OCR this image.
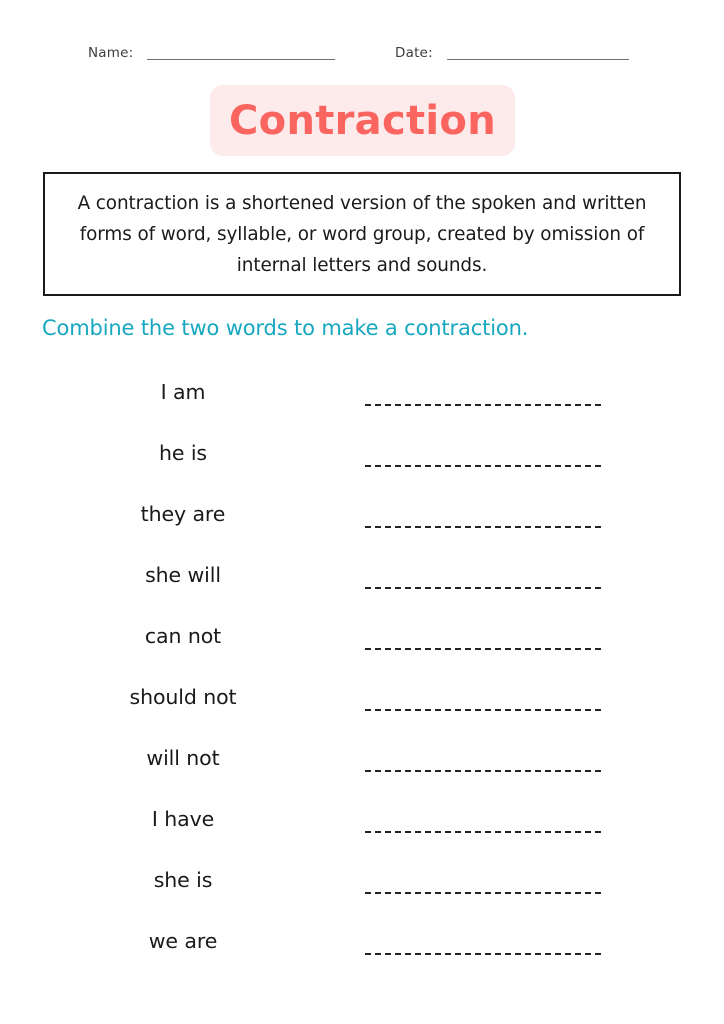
Name:	Date:
Contraction

A contraction is a shortened version of the spoken and written forms of word, syllable, or word group, created by omission of internal letters and sounds.

Combine the two words to make a contraction.
I am
he is
they are
she will
can not
should not
will not
I have
she is
we are
